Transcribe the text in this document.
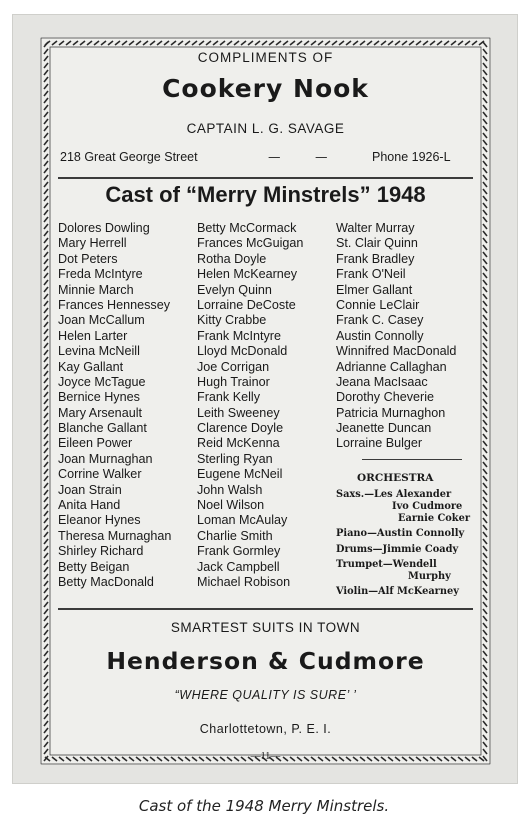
COMPLIMENTS OF
Cookery Nook
CAPTAIN L. G. SAVAGE
218 Great George Street	—	—	Phone 1926-L
Cast of “Merry Minstrels” 1948
Dolores Dowling
Mary Herrell
Dot Peters
Freda McIntyre
Minnie March
Frances Hennessey
Joan McCallum
Helen Larter
Levina McNeill
Kay Gallant
Joyce McTague
Bernice Hynes
Mary Arsenault
Blanche Gallant
Eileen Power
Joan Murnaghan
Corrine Walker
Joan Strain
Anita Hand
Eleanor Hynes
Theresa Murnaghan
Shirley Richard
Betty Beigan
Betty MacDonald
Betty McCormack
Frances McGuigan
Rotha Doyle
Helen McKearney
Evelyn Quinn
Lorraine DeCoste
Kitty Crabbe
Frank McIntyre
Lloyd McDonald
Joe Corrigan
Hugh Trainor
Frank Kelly
Leith Sweeney
Clarence Doyle
Reid McKenna
Sterling Ryan
Eugene McNeil
John Walsh
Noel Wilson
Loman McAulay
Charlie Smith
Frank Gormley
Jack Campbell
Michael Robison
Walter Murray
St. Clair Quinn
Frank Bradley
Frank O'Neil
Elmer Gallant
Connie LeClair
Frank C. Casey
Austin Connolly
Winnifred MacDonald
Adrianne Callaghan
Jeana MacIsaac
Dorothy Cheverie
Patricia Murnaghon
Jeanette Duncan
Lorraine Bulger
ORCHESTRA
Saxs.—Les Alexander
Ivo Cudmore
Earnie Coker
Piano—Austin Connolly
Drums—Jimmie Coady
Trumpet—Wendell
Murphy
Violin—Alf McKearney
SMARTEST SUITS IN TOWN
Henderson & Cudmore
“WHERE QUALITY IS SURE’ ’
Charlottetown, P. E. I.
—11—
Cast of the 1948 Merry Minstrels.
